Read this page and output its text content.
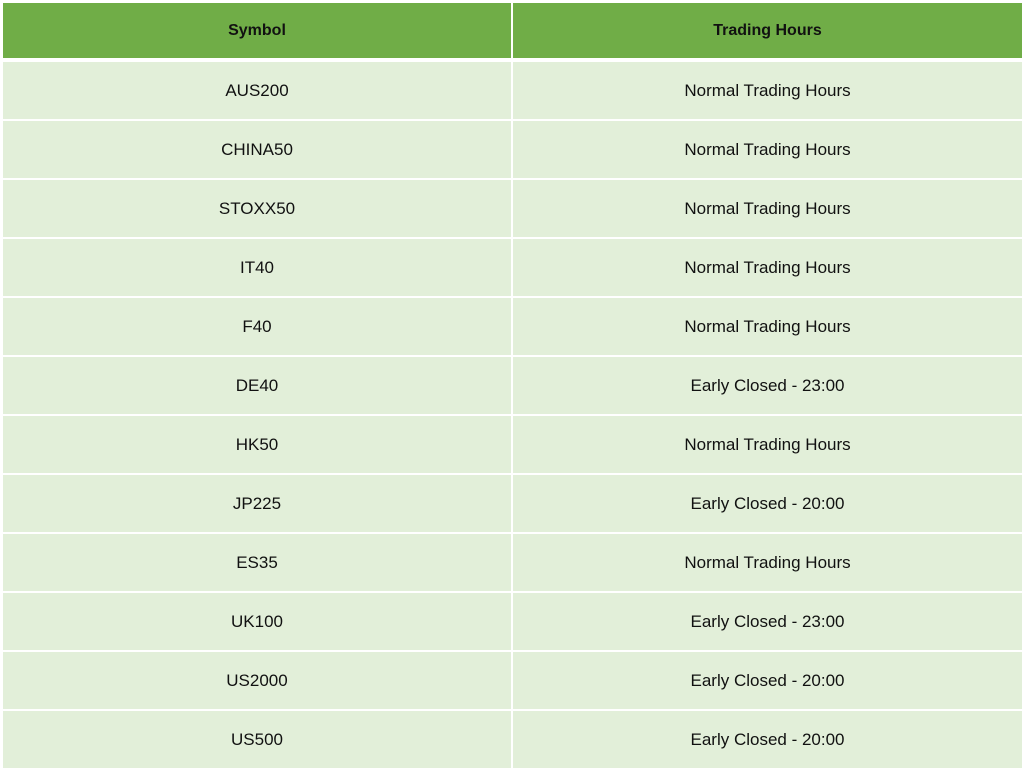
Symbol	Trading Hours
AUS200	Normal Trading Hours
CHINA50	Normal Trading Hours
STOXX50	Normal Trading Hours
IT40	Normal Trading Hours
F40	Normal Trading Hours
DE40	Early Closed - 23:00
HK50	Normal Trading Hours
JP225	Early Closed - 20:00
ES35	Normal Trading Hours
UK100	Early Closed - 23:00
US2000	Early Closed - 20:00
US500	Early Closed - 20:00
